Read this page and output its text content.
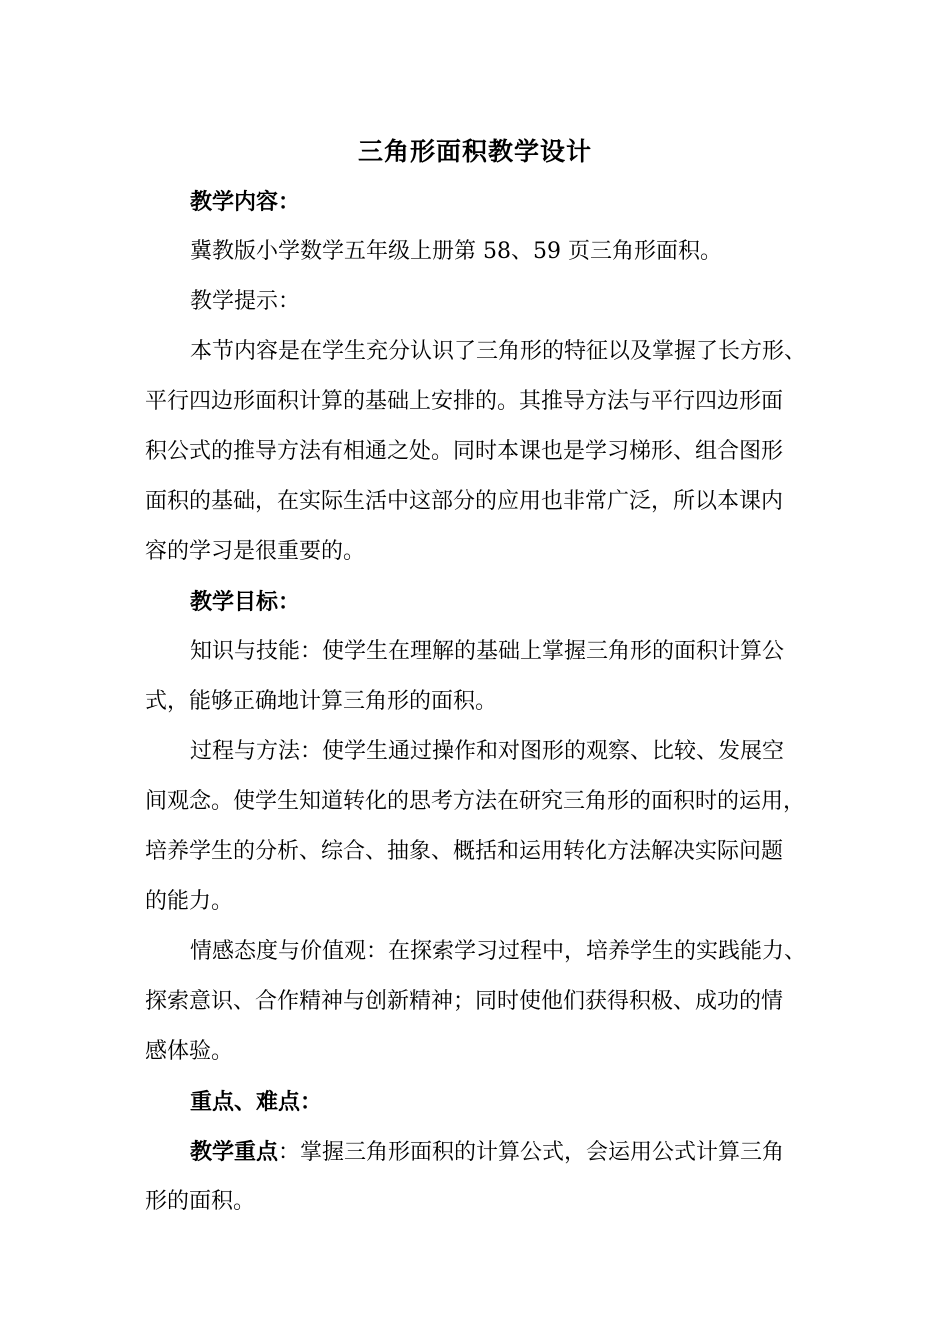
三角形面积教学设计

教学内容：

冀教版小学数学五年级上册第 58、59 页三角形面积。

教学提示：

本节内容是在学生充分认识了三角形的特征以及掌握了长方形、

平行四边形面积计算的基础上安排的。其推导方法与平行四边形面

积公式的推导方法有相通之处。同时本课也是学习梯形、组合图形

面积的基础，在实际生活中这部分的应用也非常广泛，所以本课内

容的学习是很重要的。

教学目标：

知识与技能：使学生在理解的基础上掌握三角形的面积计算公

式，能够正确地计算三角形的面积。

过程与方法：使学生通过操作和对图形的观察、比较、发展空

间观念。使学生知道转化的思考方法在研究三角形的面积时的运用，

培养学生的分析、综合、抽象、概括和运用转化方法解决实际问题

的能力。

情感态度与价值观：在探索学习过程中，培养学生的实践能力、

探索意识、合作精神与创新精神；同时使他们获得积极、成功的情

感体验。

重点、难点：

教学重点：掌握三角形面积的计算公式，会运用公式计算三角

形的面积。
